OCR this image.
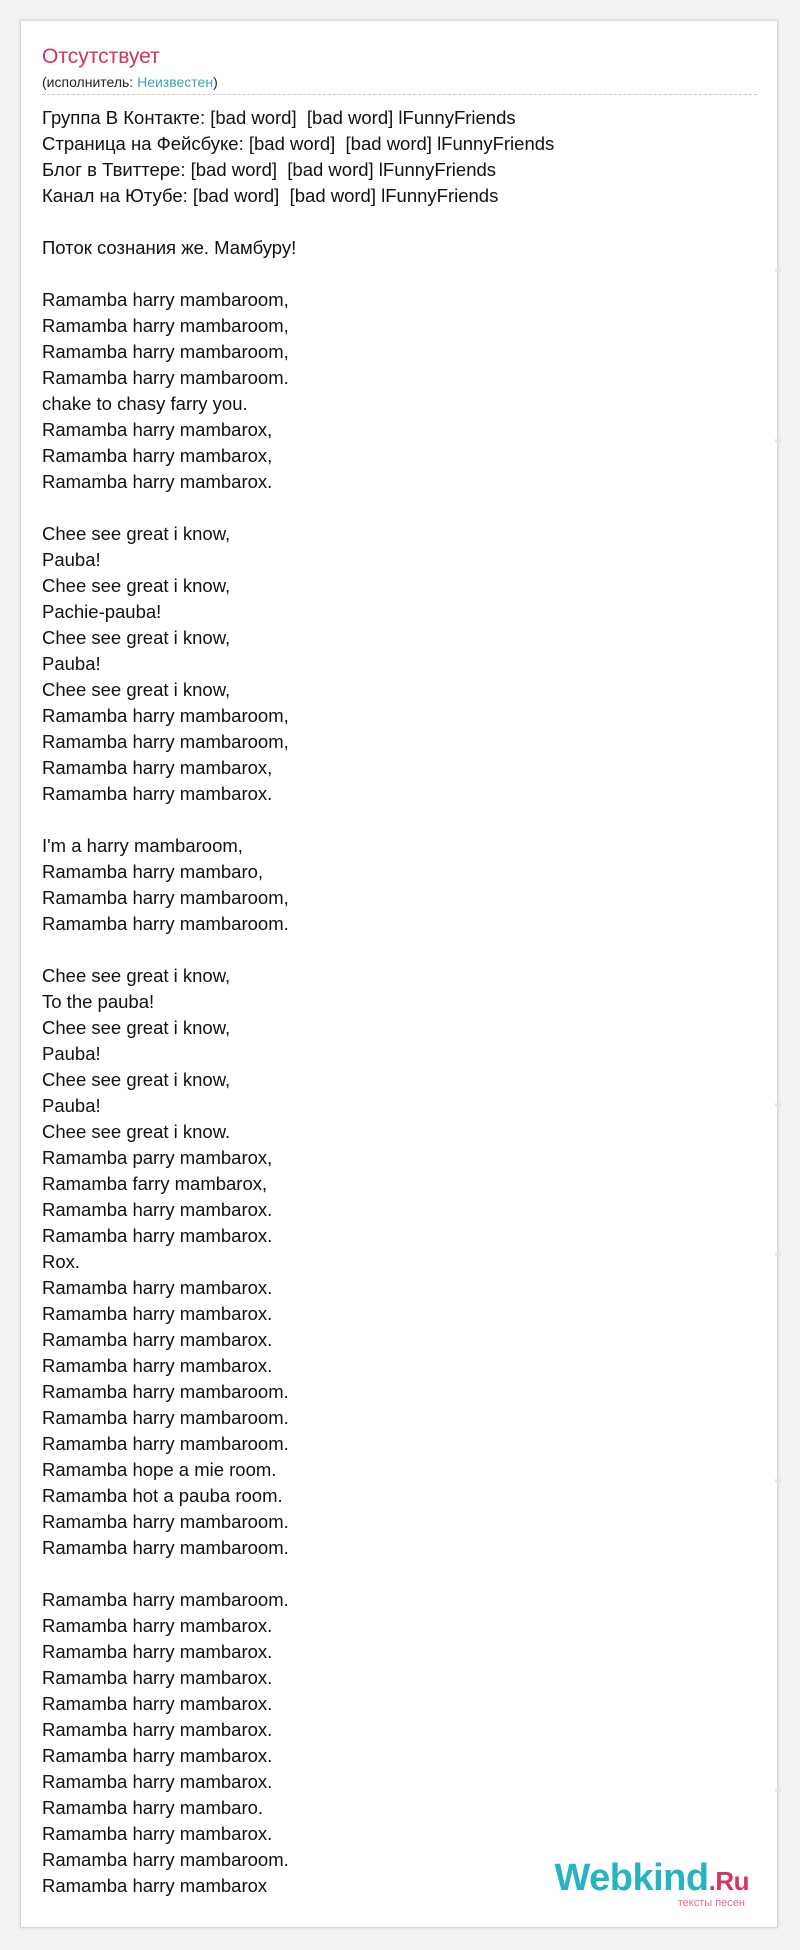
Отсутствует
(исполнитель: Неизвестен)
Группа В Контакте: [bad word]  [bad word] lFunnyFriends
Страница на Фейсбуке: [bad word]  [bad word] lFunnyFriends
Блог в Твиттере: [bad word]  [bad word] lFunnyFriends
Канал на Ютубе: [bad word]  [bad word] lFunnyFriends
Поток сознания же. Мамбуру!
Ramamba harry mambaroom,
Ramamba harry mambaroom,
Ramamba harry mambaroom,
Ramamba harry mambaroom.
chake to chasy farry you.
Ramamba harry mambarox,
Ramamba harry mambarox,
Ramamba harry mambarox.
Chee see great i know,
Pauba!
Chee see great i know,
Pachie-pauba!
Chee see great i know,
Pauba!
Chee see great i know,
Ramamba harry mambaroom,
Ramamba harry mambaroom,
Ramamba harry mambarox,
Ramamba harry mambarox.
I'm a harry mambaroom,
Ramamba harry mambaro,
Ramamba harry mambaroom,
Ramamba harry mambaroom.
Chee see great i know,
To the pauba!
Chee see great i know,
Pauba!
Chee see great i know,
Pauba!
Chee see great i know.
Ramamba parry mambarox,
Ramamba farry mambarox,
Ramamba harry mambarox.
Ramamba harry mambarox.
Rox.
Ramamba harry mambarox.
Ramamba harry mambarox.
Ramamba harry mambarox.
Ramamba harry mambarox.
Ramamba harry mambaroom.
Ramamba harry mambaroom.
Ramamba harry mambaroom.
Ramamba hope a mie room.
Ramamba hot a pauba room.
Ramamba harry mambaroom.
Ramamba harry mambaroom.
Ramamba harry mambaroom.
Ramamba harry mambarox.
Ramamba harry mambarox.
Ramamba harry mambarox.
Ramamba harry mambarox.
Ramamba harry mambarox.
Ramamba harry mambarox.
Ramamba harry mambarox.
Ramamba harry mambaro.
Ramamba harry mambarox.
Ramamba harry mambaroom.
Ramamba harry mambarox	Webkind.Ru
тексты песен
